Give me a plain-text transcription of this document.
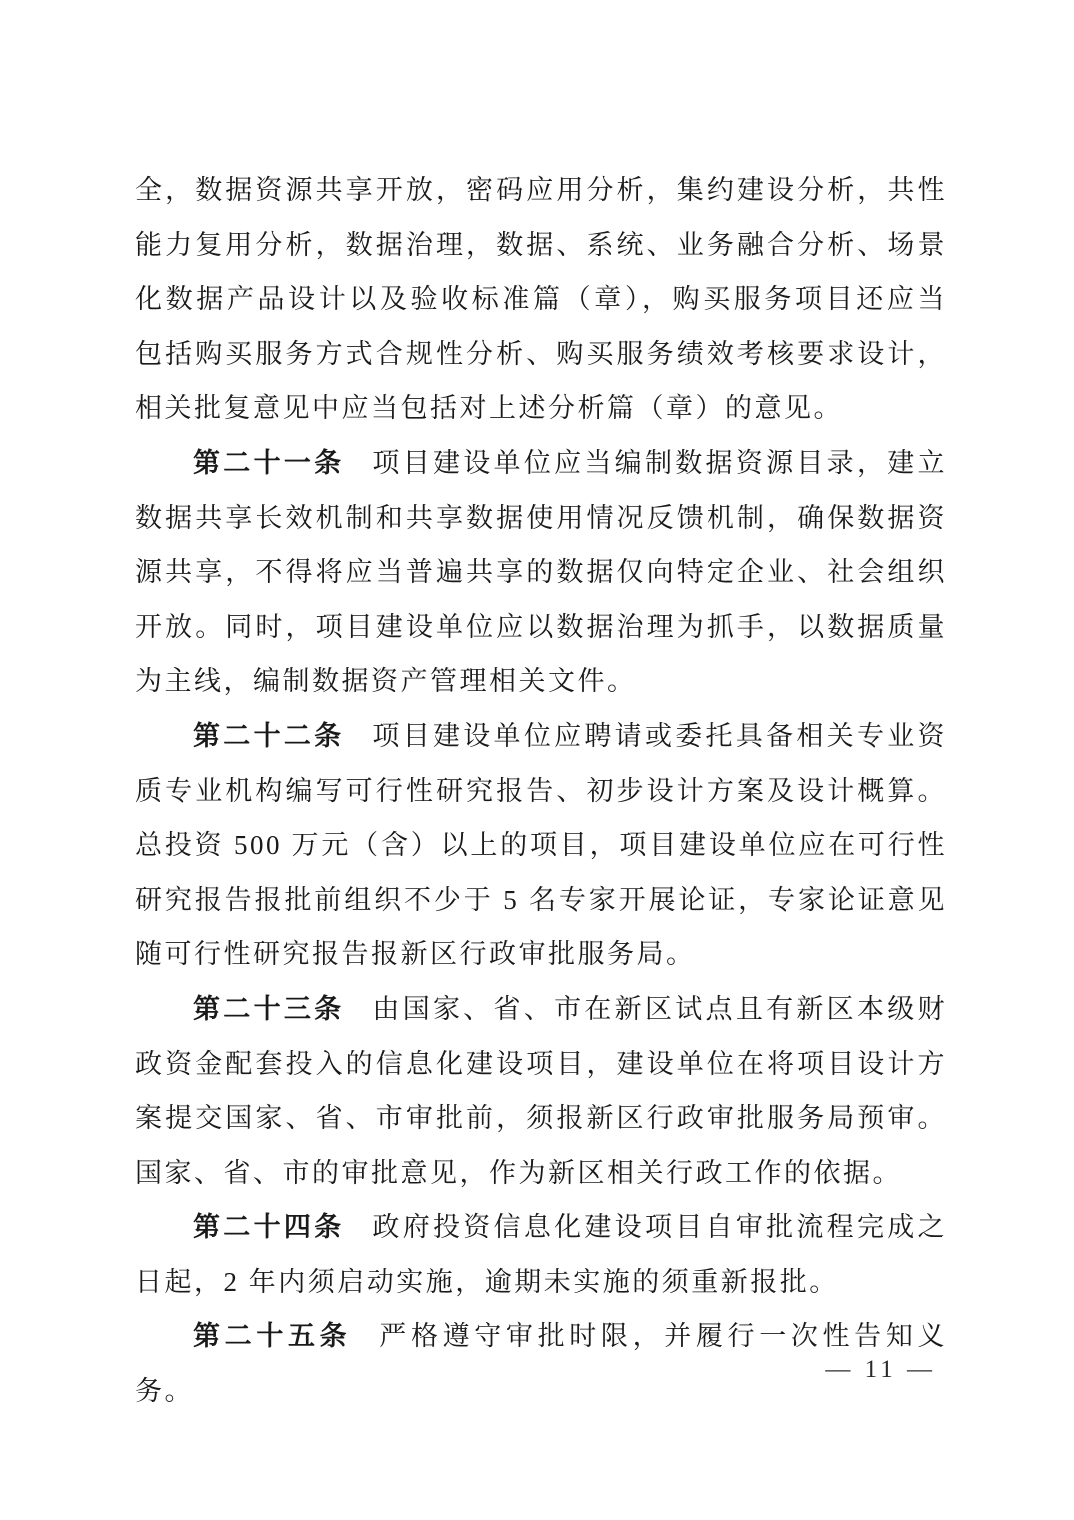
全，数据资源共享开放，密码应用分析，集约建设分析，共性能力复用分析，数据治理，数据、系统、业务融合分析、场景化数据产品设计以及验收标准篇（章），购买服务项目还应当包括购买服务方式合规性分析、购买服务绩效考核要求设计，相关批复意见中应当包括对上述分析篇（章）的意见。

第二十一条 项目建设单位应当编制数据资源目录，建立数据共享长效机制和共享数据使用情况反馈机制，确保数据资源共享，不得将应当普遍共享的数据仅向特定企业、社会组织开放。同时，项目建设单位应以数据治理为抓手，以数据质量为主线，编制数据资产管理相关文件。

第二十二条 项目建设单位应聘请或委托具备相关专业资质专业机构编写可行性研究报告、初步设计方案及设计概算。总投资 500 万元（含）以上的项目，项目建设单位应在可行性研究报告报批前组织不少于 5 名专家开展论证，专家论证意见随可行性研究报告报新区行政审批服务局。

第二十三条 由国家、省、市在新区试点且有新区本级财政资金配套投入的信息化建设项目，建设单位在将项目设计方案提交国家、省、市审批前，须报新区行政审批服务局预审。国家、省、市的审批意见，作为新区相关行政工作的依据。

第二十四条 政府投资信息化建设项目自审批流程完成之日起，2 年内须启动实施，逾期未实施的须重新报批。

第二十五条 严格遵守审批时限，并履行一次性告知义务。

— 11 —
